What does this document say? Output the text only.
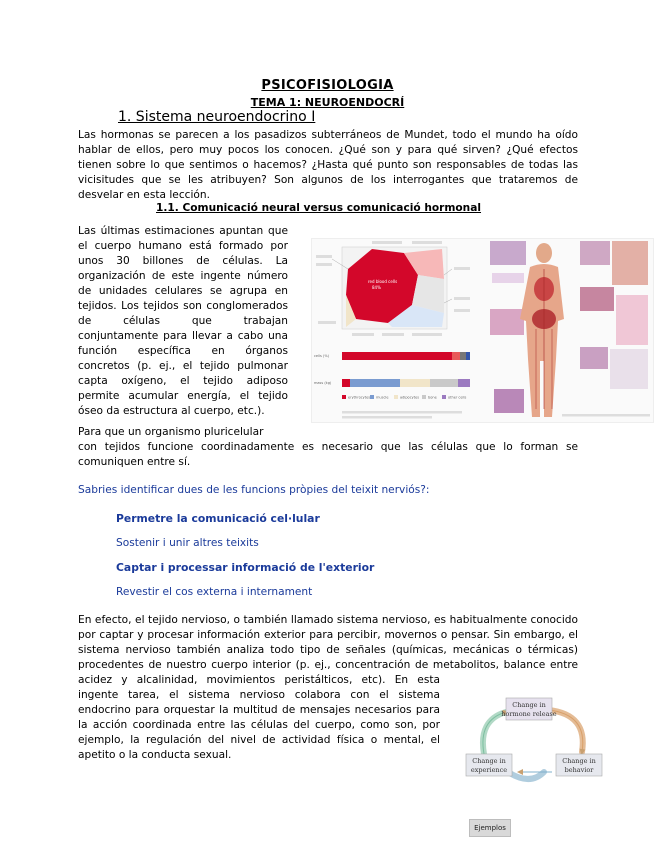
PSICOFISIOLOGIA
TEMA 1: NEUROENDOCRÍ
1. Sistema neuroendocrino I
Las hormonas se parecen a los pasadizos subterráneos de Mundet, todo el mundo ha oído
hablar de ellos, pero muy pocos los conocen. ¿Qué son y para qué sirven? ¿Qué efectos
tienen sobre lo que sentimos o hacemos? ¿Hasta qué punto son responsables de todas las
vicisitudes que se les atribuyen? Son algunos de los interrogantes que trataremos de
desvelar en esta lección.
1.1. Comunicació neural versus comunicació hormonal
Las últimas estimaciones apuntan que
el cuerpo humano está formado por
unos 30 billones de células. La
organización de este ingente número
de unidades celulares se agrupa en
tejidos. Los tejidos son conglomerados
de células que trabajan
conjuntamente para llevar a cabo una
función específica en órganos
concretos (p. ej., el tejido pulmonar
capta oxígeno, el tejido adiposo
permite acumular energía, el tejido
óseo da estructura al cuerpo, etc.).
red blood cells
84%
cells (%)
mass (kg)
erythrocytes muscle	adipocytes	bone	other cells
Para que un organismo pluricelular
con tejidos funcione coordinadamente es necesario que las células que lo forman se
comuniquen entre sí.
Sabries identificar dues de les funcions pròpies del teixit nerviós?:
Permetre la comunicació cel·lular
Sostenir i unir altres teixits
Captar i processar informació de l'exterior
Revestir el cos externa i internament
En efecto, el tejido nervioso, o también llamado sistema nervioso, es habitualmente conocido
por captar y procesar información exterior para percibir, movernos o pensar. Sin embargo, el
sistema nervioso también analiza todo tipo de señales (químicas, mecánicas o térmicas)
procedentes de nuestro cuerpo interior (p. ej., concentración de metabolitos, balance entre
acidez y alcalinidad, movimientos peristálticos, etc). En esta
ingente tarea, el sistema nervioso colabora con el sistema
endocrino para orquestar la multitud de mensajes necesarios para
la acción coordinada entre las células del cuerpo, como son, por
ejemplo, la regulación del nivel de actividad física o mental, el
apetito o la conducta sexual.
Change in
hormone release
Change in
behavior
Change in
experience
Ejemplos
